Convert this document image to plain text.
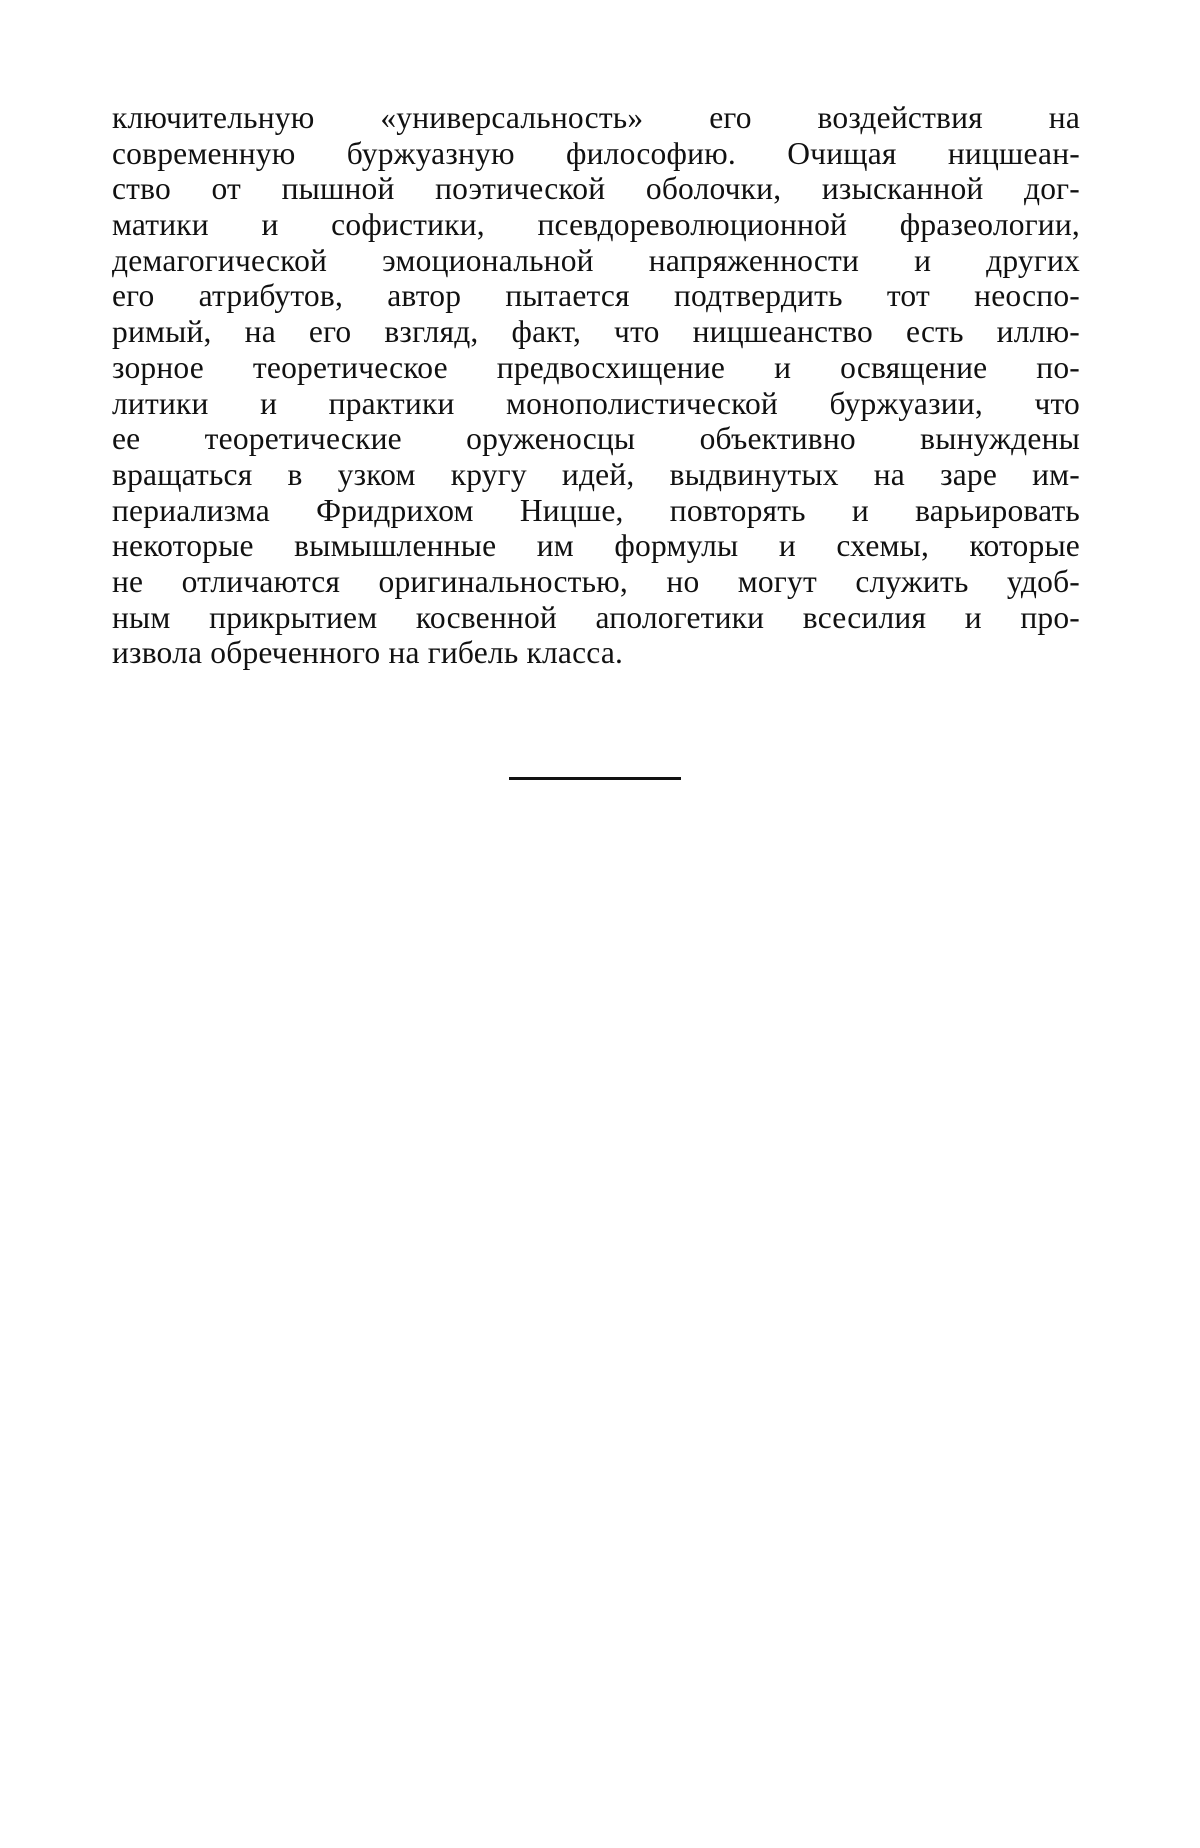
ключительную «универсальность» его воздействия на
современную буржуазную философию. Очищая ницшеан-
ство от пышной поэтической оболочки, изысканной дог-
матики и софистики, псевдореволюционной фразеологии,
демагогической эмоциональной напряженности и других
его атрибутов, автор пытается подтвердить тот неоспо-
римый, на его взгляд, факт, что ницшеанство есть иллю-
зорное теоретическое предвосхищение и освящение по-
литики и практики монополистической буржуазии, что
ее теоретические оруженосцы объективно вынуждены
вращаться в узком кругу идей, выдвинутых на заре им-
периализма Фридрихом Ницше, повторять и варьировать
некоторые вымышленные им формулы и схемы, которые
не отличаются оригинальностью, но могут служить удоб-
ным прикрытием косвенной апологетики всесилия и про-
извола обреченного на гибель класса.
